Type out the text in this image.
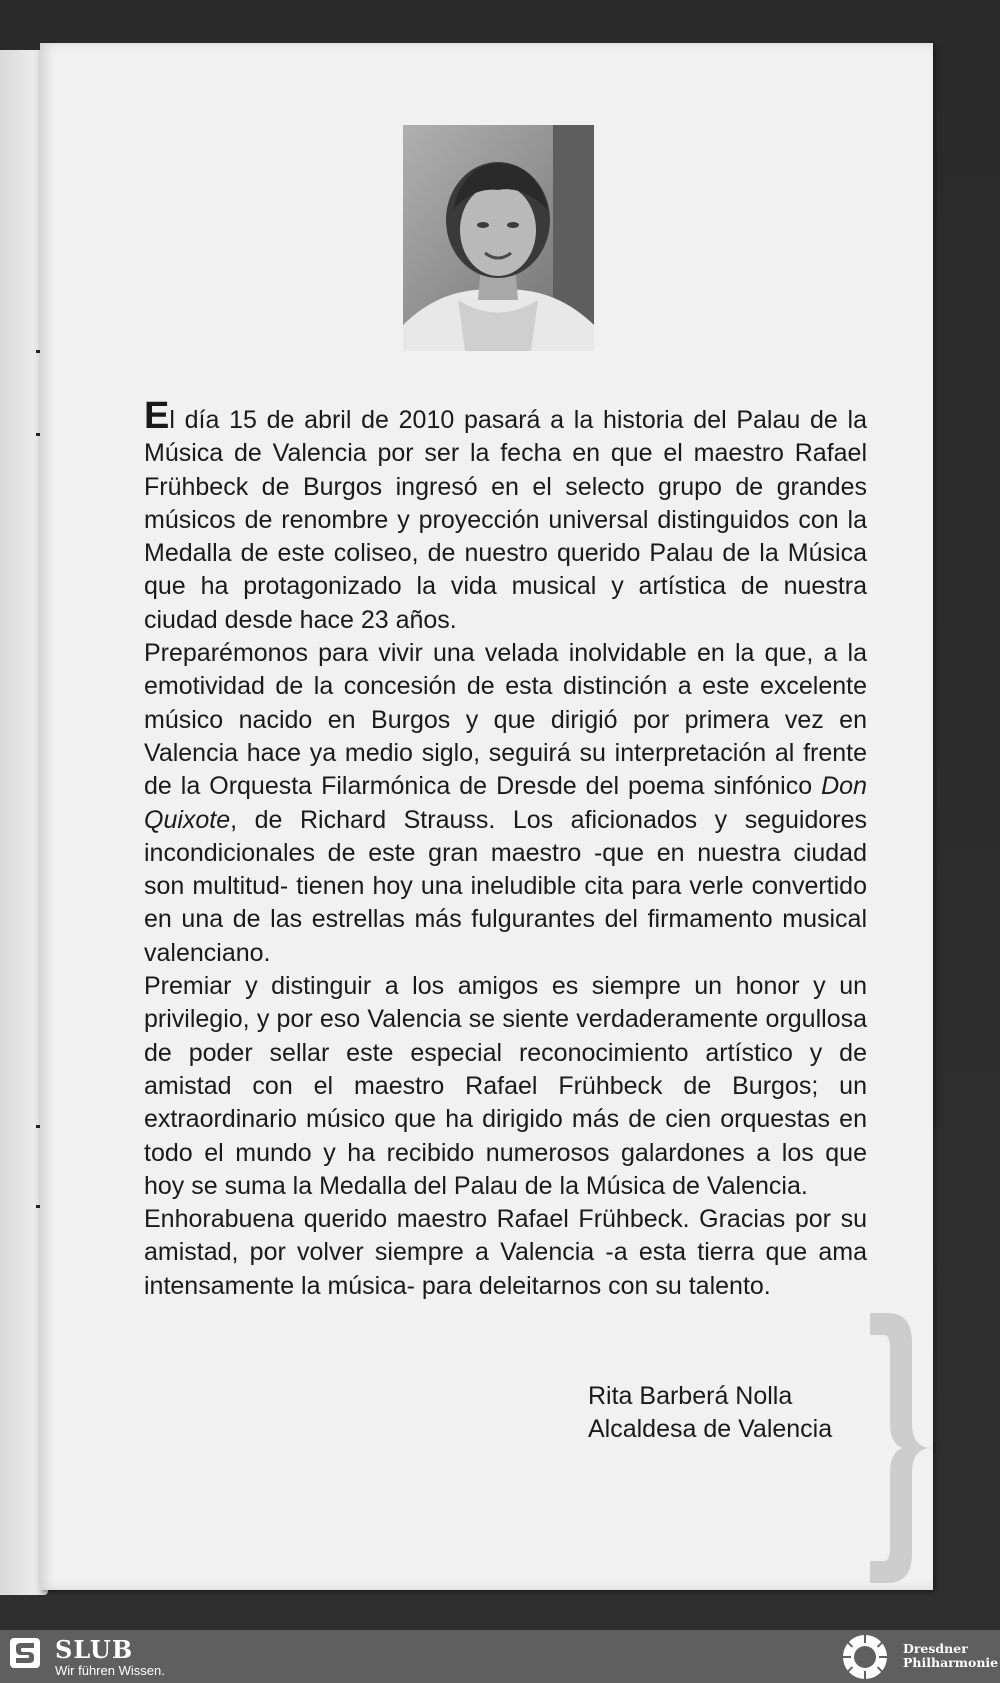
El día 15 de abril de 2010 pasará a la historia del Palau de la Música de Valencia por ser la fecha en que el maestro Rafael Frühbeck de Burgos ingresó en el selecto grupo de grandes músicos de renombre y proyección universal distinguidos con la Medalla de este coliseo, de nuestro querido Palau de la Música que ha protagonizado la vida musical y artística de nuestra ciudad desde hace 23 años.

Preparémonos para vivir una velada inolvidable en la que, a la emotividad de la concesión de esta distinción a este excelente músico nacido en Burgos y que dirigió por primera vez en Valencia hace ya medio siglo, seguirá su interpretación al frente de la Orquesta Filarmónica de Dresde del poema sinfónico Don Quixote, de Richard Strauss. Los aficionados y seguidores incondicionales de este gran maestro -que en nuestra ciudad son multitud- tienen hoy una ineludible cita para verle convertido en una de las estrellas más fulgurantes del firmamento musical valenciano.

Premiar y distinguir a los amigos es siempre un honor y un privilegio, y por eso Valencia se siente verdaderamente orgullosa de poder sellar este especial reconocimiento artístico y de amistad con el maestro Rafael Frühbeck de Burgos; un extraordinario músico que ha dirigido más de cien orquestas en todo el mundo y ha recibido numerosos galardones a los que hoy se suma la Medalla del Palau de la Música de Valencia.

Enhorabuena querido maestro Rafael Frühbeck. Gracias por su amistad, por volver siempre a Valencia -a esta tierra que ama intensamente la música- para deleitarnos con su talento.

Rita Barberá Nolla
Alcaldesa de Valencia
SLUB
Wir führen Wissen.
Dresdner
Philharmonie
